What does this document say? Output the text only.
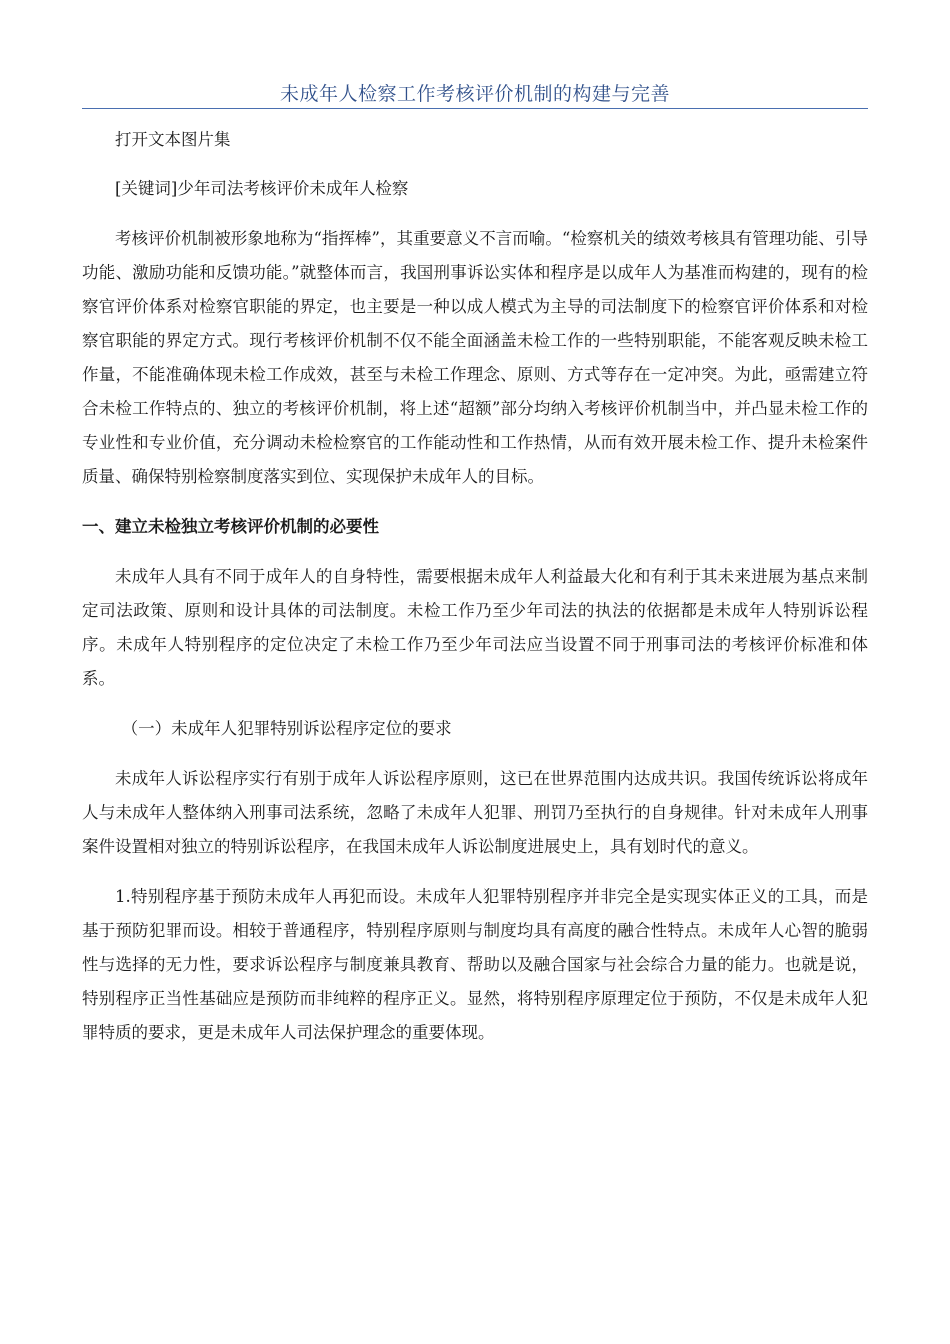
未成年人检察工作考核评价机制的构建与完善

打开文本图片集

[关键词]少年司法考核评价未成年人检察

考核评价机制被形象地称为“指挥棒”，其重要意义不言而喻。“检察机关的绩效考核具有管理功能、引导功能、激励功能和反馈功能。”就整体而言，我国刑事诉讼实体和程序是以成年人为基准而构建的，现有的检察官评价体系对检察官职能的界定，也主要是一种以成人模式为主导的司法制度下的检察官评价体系和对检察官职能的界定方式。现行考核评价机制不仅不能全面涵盖未检工作的一些特别职能，不能客观反映未检工作量，不能准确体现未检工作成效，甚至与未检工作理念、原则、方式等存在一定冲突。为此，亟需建立符合未检工作特点的、独立的考核评价机制，将上述“超额”部分均纳入考核评价机制当中，并凸显未检工作的专业性和专业价值，充分调动未检检察官的工作能动性和工作热情，从而有效开展未检工作、提升未检案件质量、确保特别检察制度落实到位、实现保护未成年人的目标。

一、建立未检独立考核评价机制的必要性

未成年人具有不同于成年人的自身特性，需要根据未成年人利益最大化和有利于其未来进展为基点来制定司法政策、原则和设计具体的司法制度。未检工作乃至少年司法的执法的依据都是未成年人特别诉讼程序。未成年人特别程序的定位决定了未检工作乃至少年司法应当设置不同于刑事司法的考核评价标准和体系。

（一）未成年人犯罪特别诉讼程序定位的要求

未成年人诉讼程序实行有别于成年人诉讼程序原则，这已在世界范围内达成共识。我国传统诉讼将成年人与未成年人整体纳入刑事司法系统，忽略了未成年人犯罪、刑罚乃至执行的自身规律。针对未成年人刑事案件设置相对独立的特别诉讼程序，在我国未成年人诉讼制度进展史上，具有划时代的意义。

1.特别程序基于预防未成年人再犯而设。未成年人犯罪特别程序并非完全是实现实体正义的工具，而是基于预防犯罪而设。相较于普通程序，特别程序原则与制度均具有高度的融合性特点。未成年人心智的脆弱性与选择的无力性，要求诉讼程序与制度兼具教育、帮助以及融合国家与社会综合力量的能力。也就是说，特别程序正当性基础应是预防而非纯粹的程序正义。显然，将特别程序原理定位于预防，不仅是未成年人犯罪特质的要求，更是未成年人司法保护理念的重要体现。
